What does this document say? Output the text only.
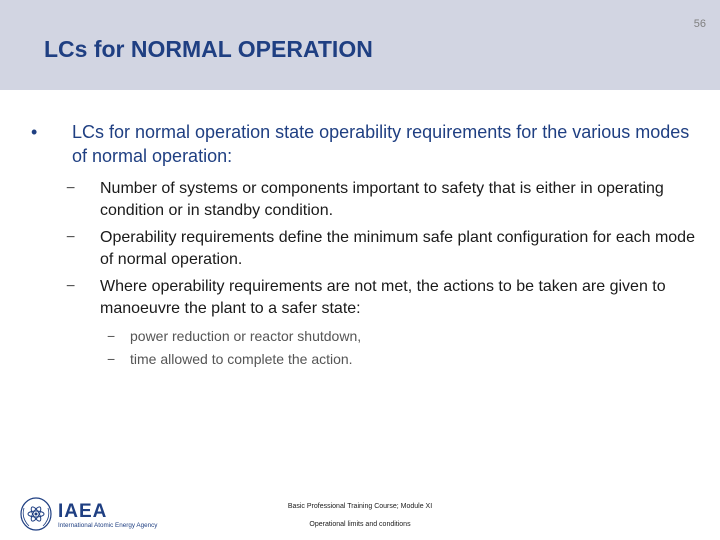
56
LCs for NORMAL OPERATION
•	LCs for normal operation state operability requirements for the various modes of normal operation:
−	Number of systems or components important to safety that is either in operating condition or in standby condition.
−	Operability requirements define the minimum safe plant configuration for each mode of normal operation.
−	Where operability requirements are not met, the actions to be taken are given to manoeuvre the plant to a safer state:
−	power reduction or reactor shutdown,
−	time allowed to complete the action.
IAEA
International Atomic Energy Agency
Basic Professional Training Course; Module XI
Operational limits and conditions
